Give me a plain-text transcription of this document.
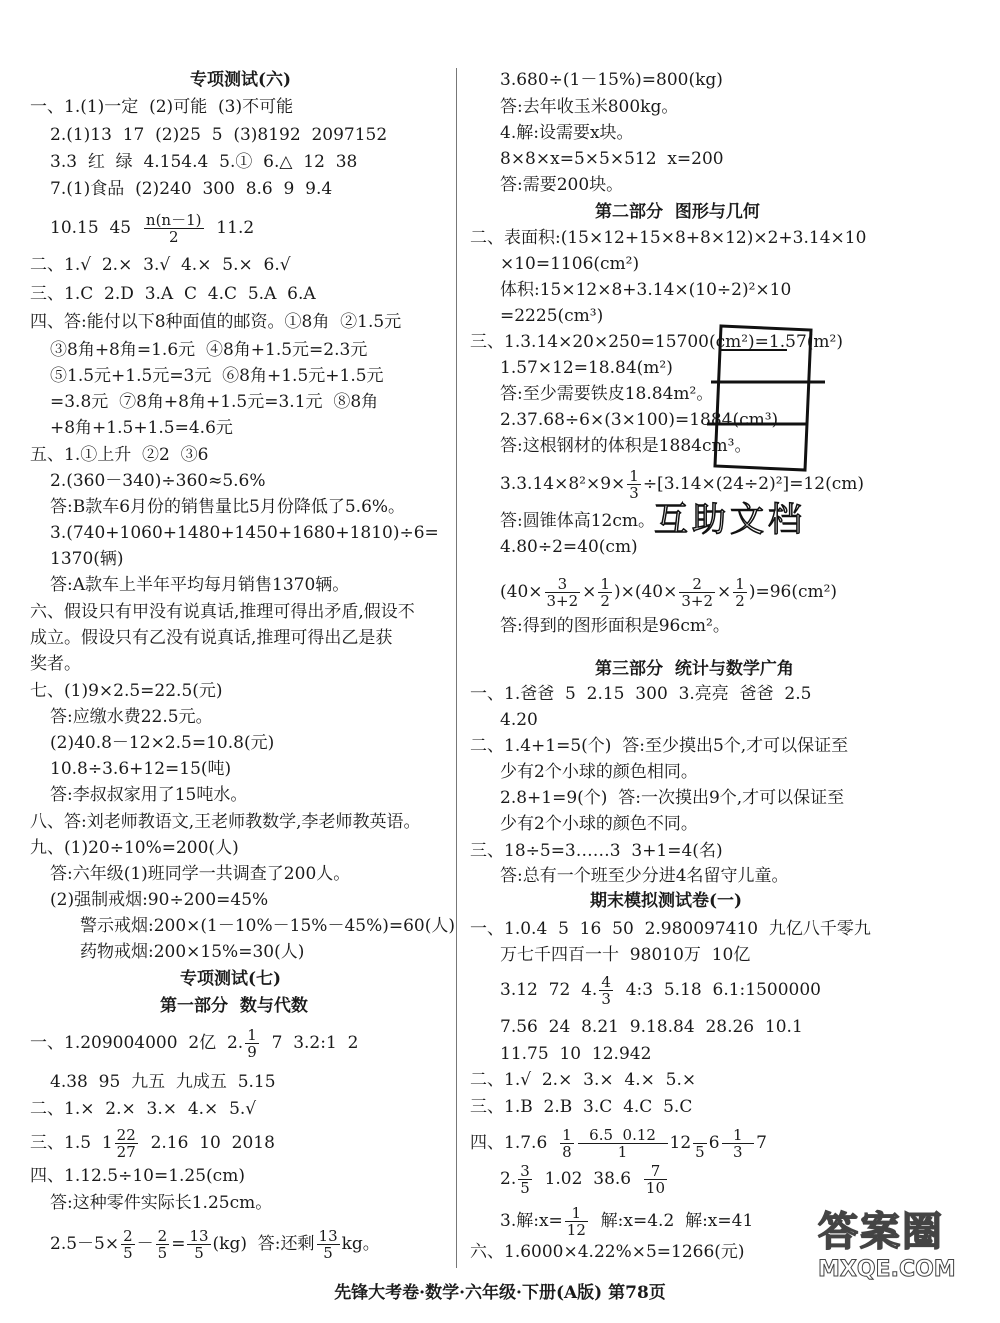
专项测试(六)
一、1.(1)一定  (2)可能  (3)不可能
2.(1)13  17  (2)25  5  (3)8192  2097152
3.3  红  绿  4.154.4  5.①  6.△  12  38
7.(1)食品  (2)240  300  8.6  9  9.4
10.15  $45 \frac{n(n-1)}{2} 11.2$
二、1.√  2.×  3.√  4.×  5.×  6.√
三、1.C  2.D  3.A  C  4.C  5.A  6.A
四、答:能付以下8种面值的邮资。①8角  ②1.5元
③8角+8角=1.6元  ④8角+1.5元=2.3元
⑤1.5元+1.5元=3元  ⑥8角+1.5元+1.5元
=3.8元  ⑦8角+8角+1.5元=3.1元  ⑧8角
+8角+1.5+1.5=4.6元
五、1.①上升  ②2  ③6
2.(360－340)÷360≈5.6%
答:B款车6月份的销售量比5月份降低了5.6%。
3.(740+1060+1480+1450+1680+1810)÷6=
1370(辆)
答:A款车上半年平均每月销售1370辆。
六、假设只有甲没有说真话,推理可得出矛盾,假设不
成立。假设只有乙没有说真话,推理可得出乙是获
奖者。
七、(1)9×2.5=22.5(元)
答:应缴水费22.5元。
(2)40.8－12×2.5=10.8(元)
10.8÷3.6+12=15(吨)
答:李叔叔家用了15吨水。
八、答:刘老师教语文,王老师教数学,李老师教英语。
九、(1)20÷10%=200(人)
答:六年级(1)班同学一共调查了200人。
(2)强制戒烟:90÷200=45%
警示戒烟:200×(1－10%－15%－45%)=60(人)
药物戒烟:200×15%=30(人)
专项测试(七)
第一部分  数与代数
一、1.209004000  2亿  2. $\frac{1}{9} 7$  3.2:1  2
4.38  95  九五  九成五  5.15
二、1.×  2.×  3.×  4.×  5.√
三、1.5  $1 \frac{22}{27} 2.16$  10  2018
四、1.12.5÷10=1.25(cm)
答:这种零件实际长1.25cm。
$2.5-5\times \frac{2}{5} - \frac{2}{5} = \frac{13}{5} (kg)$  答:还剩 $\frac{13}{5}$ kg。
3.680÷(1－15%)=800(kg)
答:去年收玉米800kg。
4.解:设需要x块。
8×8×x=5×5×512  x=200
答:需要200块。
第二部分  图形与几何
二、表面积:(15×12+15×8+8×12)×2+3.14×10
×10=1106(cm²)
体积:15×12×8+3.14×(10÷2)²×10
=2225(cm³)
三、1.3.14×20×250=15700(cm²)=1.57(m²)
1.57×12=18.84(m²)
答:至少需要铁皮18.84m²。
2.37.68÷6×(3×100)=1884(cm³)
答:这根钢材的体积是1884cm³。
$3.3.14\times 8^2\times 9\times \frac{1}{3} \div[3.14\times(24\div 2)^2]=12(cm)$
答:圆锥体高12cm。
4.80÷2=40(cm)
$(40\times \frac{3}{3+2} \times \frac{1}{2} )\times(40\times \frac{2}{3+2} \times \frac{1}{2} )=96(cm^2)$
答:得到的图形面积是96cm²。
第三部分  统计与数学广角
一、1.爸爸  5  2.15  300  3.亮亮  爸爸  2.5
4.20
二、1.4+1=5(个)  答:至少摸出5个,才可以保证至
少有2个小球的颜色相同。
2.8+1=9(个)  答:一次摸出9个,才可以保证至
少有2个小球的颜色不同。
三、18÷5=3……3  3+1=4(名)
答:总有一个班至少分进4名留守儿童。
期末模拟测试卷(一)
一、1.0.4  5  16  50  2.980097410  九亿八千零九
万七千四百一十  98010万  10亿
3.12  72  4. $\frac{4}{3}$ 4:3  5.18  6.1:1500000
7.56  24  8.21  9.18.84  28.26  10.1
11.75  10  12.942
二、1.√  2.×  3.×  4.×  5.×
三、1.B  2.B  3.C  4.C  5.C
四、$1.7.6 \frac{1}{8} \frac{6.5 0.12}{1} 12$
5 $6 \frac{1}{3} 7$
2. $\frac{3}{5} 1.02$  $38.6 \frac{7}{10}$
3.解:x= $\frac{1}{12}$ 解:x=4.2  解:x=41
六、1.6000×4.22%×5=1266(元)
互助文档
答案圈
MXQE.COM
先锋大考卷·数学·六年级·下册(A版) 第78页
